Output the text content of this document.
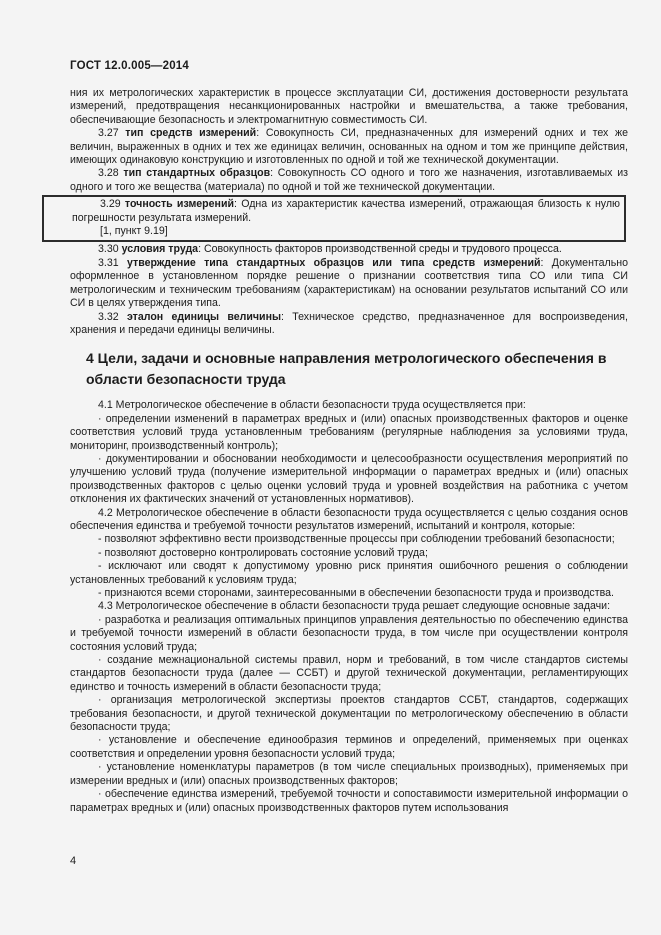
ГОСТ 12.0.005—2014

ния их метрологических характеристик в процессе эксплуатации СИ, достижения достоверности результата измерений, предотвращения несанкционированных настройки и вмешательства, а также требования, обеспечивающие безопасность и электромагнитную совместимость СИ.

3.27 тип средств измерений: Совокупность СИ, предназначенных для измерений одних и тех же величин, выраженных в одних и тех же единицах величин, основанных на одном и том же принципе действия, имеющих одинаковую конструкцию и изготовленных по одной и той же технической документации.

3.28 тип стандартных образцов: Совокупность СО одного и того же назначения, изготавливаемых из одного и того же вещества (материала) по одной и той же технической документации.

3.29 точность измерений: Одна из характеристик качества измерений, отражающая близость к нулю погрешности результата измерений.

[1, пункт 9.19]

3.30 условия труда: Совокупность факторов производственной среды и трудового процесса.

3.31 утверждение типа стандартных образцов или типа средств измерений: Документально оформленное в установленном порядке решение о признании соответствия типа СО или типа СИ метрологическим и техническим требованиям (характеристикам) на основании результатов испытаний СО или СИ в целях утверждения типа.

3.32 эталон единицы величины: Техническое средство, предназначенное для воспроизведения, хранения и передачи единицы величины.

4 Цели, задачи и основные направления метрологического обеспечения в области безопасности труда

4.1 Метрологическое обеспечение в области безопасности труда осуществляется при:

· определении изменений в параметрах вредных и (или) опасных производственных факторов и оценке соответствия условий труда установленным требованиям (регулярные наблюдения за условиями труда, мониторинг, производственный контроль);

· документировании и обосновании необходимости и целесообразности осуществления мероприятий по улучшению условий труда (получение измерительной информации о параметрах вредных и (или) опасных производственных факторов с целью оценки условий труда и уровней воздействия на работника с учетом отклонения их фактических значений от установленных нормативов).

4.2 Метрологическое обеспечение в области безопасности труда осуществляется с целью создания основ обеспечения единства и требуемой точности результатов измерений, испытаний и контроля, которые:

- позволяют эффективно вести производственные процессы при соблюдении требований безопасности;

- позволяют достоверно контролировать состояние условий труда;

- исключают или сводят к допустимому уровню риск принятия ошибочного решения о соблюдении установленных требований к условиям труда;

- признаются всеми сторонами, заинтересованными в обеспечении безопасности труда и производства.

4.3 Метрологическое обеспечение в области безопасности труда решает следующие основные задачи:

· разработка и реализация оптимальных принципов управления деятельностью по обеспечению единства и требуемой точности измерений в области безопасности труда, в том числе при осуществлении контроля состояния условий труда;

· создание межнациональной системы правил, норм и требований, в том числе стандартов системы стандартов безопасности труда (далее — ССБТ) и другой технической документации, регламентирующих единство и точность измерений в области безопасности труда;

· организация метрологической экспертизы проектов стандартов ССБТ, стандартов, содержащих требования безопасности, и другой технической документации по метрологическому обеспечению в области безопасности труда;

· установление и обеспечение единообразия терминов и определений, применяемых при оценках соответствия и определении уровня безопасности условий труда;

· установление номенклатуры параметров (в том числе специальных производных), применяемых при измерении вредных и (или) опасных производственных факторов;

· обеспечение единства измерений, требуемой точности и сопоставимости измерительной информации о параметрах вредных и (или) опасных производственных факторов путем использования

4
